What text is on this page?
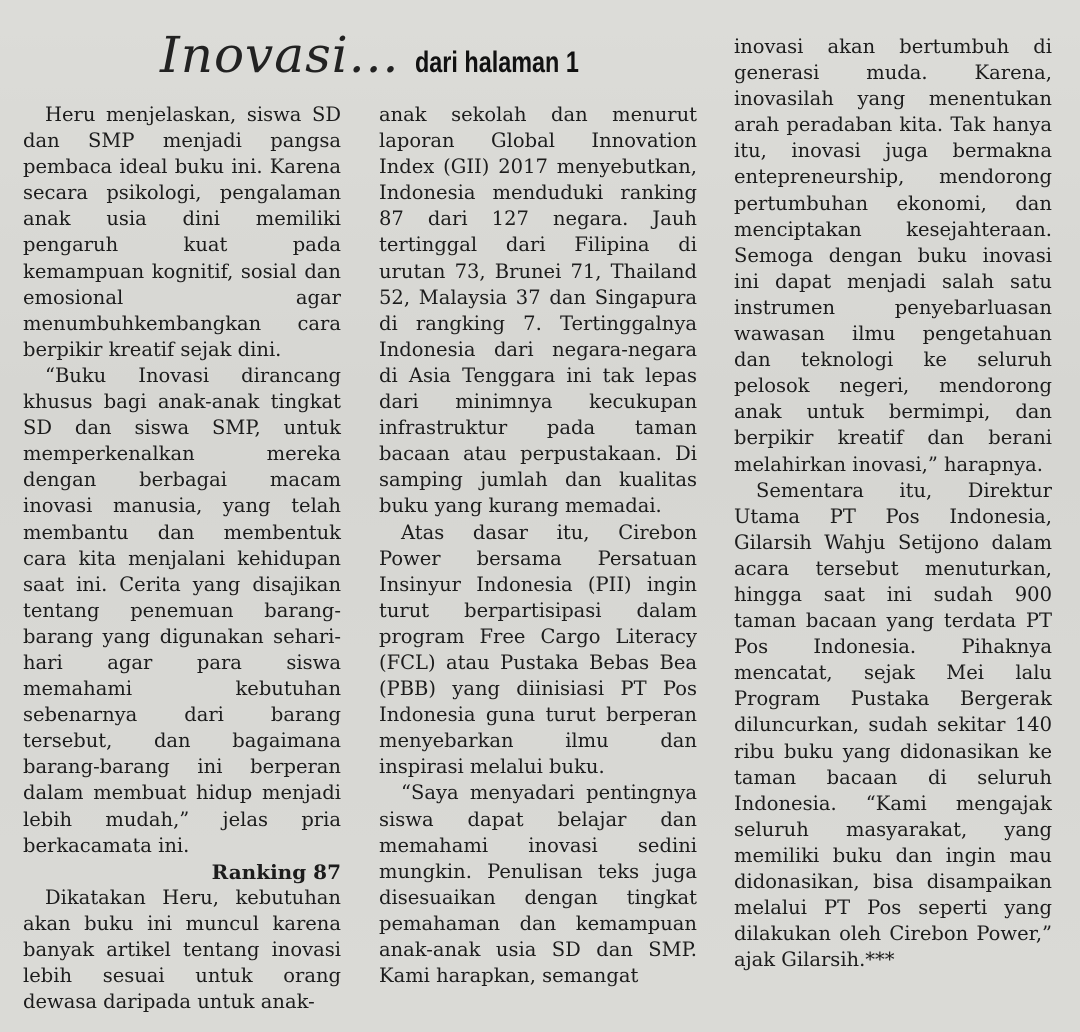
Inovasi... dari halaman 1

Heru menjelaskan, siswa SD dan SMP menjadi pangsa pembaca ideal buku ini. Karena secara psikologi, pengalaman anak usia dini memiliki pengaruh kuat pada kemampuan kognitif, sosial dan emosional agar menumbuhkembangkan cara berpikir kreatif sejak dini.

“Buku Inovasi dirancang khusus bagi anak-anak tingkat SD dan siswa SMP, untuk memperkenalkan mereka dengan berbagai macam inovasi manusia, yang telah membantu dan membentuk cara kita menjalani kehidupan saat ini. Cerita yang disajikan tentang penemuan barang-barang yang digunakan sehari-hari agar para siswa memahami kebutuhan sebenarnya dari barang tersebut, dan bagaimana barang-barang ini berperan dalam membuat hidup menjadi lebih mudah,” jelas pria berkacamata ini.

Ranking 87

Dikatakan Heru, kebutuhan akan buku ini muncul karena banyak artikel tentang inovasi lebih sesuai untuk orang dewasa daripada untuk anak-

anak sekolah dan menurut laporan Global Innovation Index (GII) 2017 menyebutkan, Indonesia menduduki ranking 87 dari 127 negara. Jauh tertinggal dari Filipina di urutan 73, Brunei 71, Thailand 52, Malaysia 37 dan Singapura di rangking 7. Tertinggalnya Indonesia dari negara-negara di Asia Tenggara ini tak lepas dari minimnya kecukupan infrastruktur pada taman bacaan atau perpustakaan. Di samping jumlah dan kualitas buku yang kurang memadai.

Atas dasar itu, Cirebon Power bersama Persatuan Insinyur Indonesia (PII) ingin turut berpartisipasi dalam program Free Cargo Literacy (FCL) atau Pustaka Bebas Bea (PBB) yang diinisiasi PT Pos Indonesia guna turut berperan menyebarkan ilmu dan inspirasi melalui buku.

“Saya menyadari pentingnya siswa dapat belajar dan memahami inovasi sedini mungkin. Penulisan teks juga disesuaikan dengan tingkat pemahaman dan kemampuan anak-anak usia SD dan SMP. Kami harapkan, semangat

inovasi akan bertumbuh di generasi muda. Karena, inovasilah yang menentukan arah peradaban kita. Tak hanya itu, inovasi juga bermakna entepreneurship, mendorong pertumbuhan ekonomi, dan menciptakan kesejahteraan. Semoga dengan buku inovasi ini dapat menjadi salah satu instrumen penyebarluasan wawasan ilmu pengetahuan dan teknologi ke seluruh pelosok negeri, mendorong anak untuk bermimpi, dan berpikir kreatif dan berani melahirkan inovasi,” harapnya.

Sementara itu, Direktur Utama PT Pos Indonesia, Gilarsih Wahju Setijono dalam acara tersebut menuturkan, hingga saat ini sudah 900 taman bacaan yang terdata PT Pos Indonesia. Pihaknya mencatat, sejak Mei lalu Program Pustaka Bergerak diluncurkan, sudah sekitar 140 ribu buku yang didonasikan ke taman bacaan di seluruh Indonesia. “Kami mengajak seluruh masyarakat, yang memiliki buku dan ingin mau didonasikan, bisa disampaikan melalui PT Pos seperti yang dilakukan oleh Cirebon Power,” ajak Gilarsih.***
